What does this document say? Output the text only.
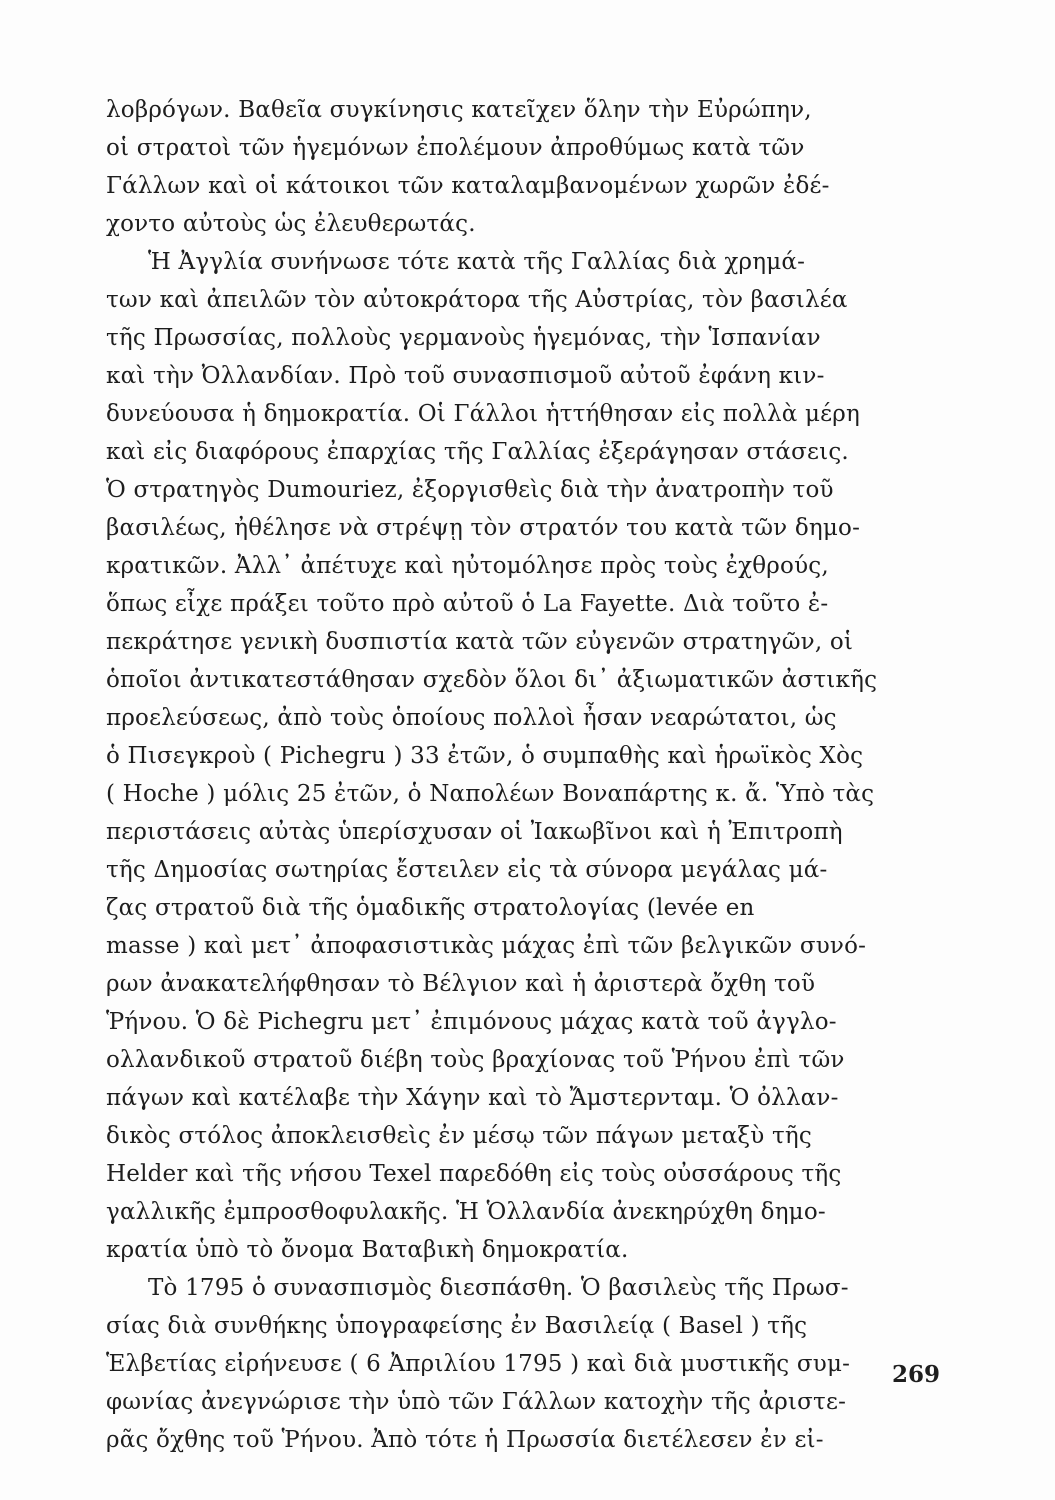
λοβρόγων. Βαθεῖα συγκίνησις κατεῖχεν ὅλην τὴν Εὐρώπην,
οἱ στρατοὶ τῶν ἡγεμόνων ἐπολέμουν ἀπροθύμως κατὰ τῶν
Γάλλων καὶ οἱ κάτοικοι τῶν καταλαμβανομένων χωρῶν ἐδέ-
χοντο αὐτοὺς ὡς ἐλευθερωτάς.
Ἡ Ἀγγλία συνήνωσε τότε κατὰ τῆς Γαλλίας διὰ χρημά-
των καὶ ἀπειλῶν τὸν αὐτοκράτορα τῆς Αὐστρίας, τὸν βασιλέα
τῆς Πρωσσίας, πολλοὺς γερμανοὺς ἡγεμόνας, τὴν Ἱσπανίαν
καὶ τὴν Ὀλλανδίαν. Πρὸ τοῦ συνασπισμοῦ αὐτοῦ ἐφάνη κιν-
δυνεύουσα ἡ δημοκρατία. Οἱ Γάλλοι ἡττήθησαν εἰς πολλὰ μέρη
καὶ εἰς διαφόρους ἐπαρχίας τῆς Γαλλίας ἐξεράγησαν στάσεις.
Ὁ στρατηγὸς Dumouriez, ἐξοργισθεὶς διὰ τὴν ἀνατροπὴν τοῦ
βασιλέως, ἠθέλησε νὰ στρέψῃ τὸν στρατόν του κατὰ τῶν δημο-
κρατικῶν. Ἀλλ᾽ ἀπέτυχε καὶ ηὐτομόλησε πρὸς τοὺς ἐχθρούς,
ὅπως εἶχε πράξει τοῦτο πρὸ αὐτοῦ ὁ La Fayette. Διὰ τοῦτο ἐ-
πεκράτησε γενικὴ δυσπιστία κατὰ τῶν εὐγενῶν στρατηγῶν, οἱ
ὁποῖοι ἀντικατεστάθησαν σχεδὸν ὅλοι δι᾽ ἀξιωματικῶν ἀστικῆς
προελεύσεως, ἀπὸ τοὺς ὁποίους πολλοὶ ἦσαν νεαρώτατοι, ὡς
ὁ Πισεγκροὺ ( Pichegru ) 33 ἐτῶν, ὁ συμπαθὴς καὶ ἡρωϊκὸς Χὸς
( Hoche ) μόλις 25 ἐτῶν, ὁ Ναπολέων Βοναπάρτης κ. ἄ. Ὑπὸ τὰς
περιστάσεις αὐτὰς ὑπερίσχυσαν οἱ Ἰακωβῖνοι καὶ ἡ Ἐπιτροπὴ
τῆς Δημοσίας σωτηρίας ἔστειλεν εἰς τὰ σύνορα μεγάλας μά-
ζας στρατοῦ διὰ τῆς ὁμαδικῆς στρατολογίας (levée en
masse ) καὶ μετ᾽ ἀποφασιστικὰς μάχας ἐπὶ τῶν βελγικῶν συνό-
ρων ἀνακατελήφθησαν τὸ Βέλγιον καὶ ἡ ἀριστερὰ ὄχθη τοῦ
Ῥήνου. Ὁ δὲ Pichegru μετ᾽ ἐπιμόνους μάχας κατὰ τοῦ ἀγγλο-
ολλανδικοῦ στρατοῦ διέβη τοὺς βραχίονας τοῦ Ῥήνου ἐπὶ τῶν
πάγων καὶ κατέλαβε τὴν Χάγην καὶ τὸ Ἄμστερνταμ. Ὁ ὀλλαν-
δικὸς στόλος ἀποκλεισθεὶς ἐν μέσῳ τῶν πάγων μεταξὺ τῆς
Helder καὶ τῆς νήσου Texel παρεδόθη εἰς τοὺς οὐσσάρους τῆς
γαλλικῆς ἐμπροσθοφυλακῆς. Ἡ Ὁλλανδία ἀνεκηρύχθη δημο-
κρατία ὑπὸ τὸ ὄνομα Βαταβικὴ δημοκρατία.
Τὸ 1795 ὁ συνασπισμὸς διεσπάσθη. Ὁ βασιλεὺς τῆς Πρωσ-
σίας διὰ συνθήκης ὑπογραφείσης ἐν Βασιλείᾳ ( Basel ) τῆς
Ἑλβετίας εἰρήνευσε ( 6 Ἀπριλίου 1795 ) καὶ διὰ μυστικῆς συμ-
φωνίας ἀνεγνώρισε τὴν ὑπὸ τῶν Γάλλων κατοχὴν τῆς ἀριστε-
ρᾶς ὄχθης τοῦ Ῥήνου. Ἀπὸ τότε ἡ Πρωσσία διετέλεσεν ἐν εἰ-
269
